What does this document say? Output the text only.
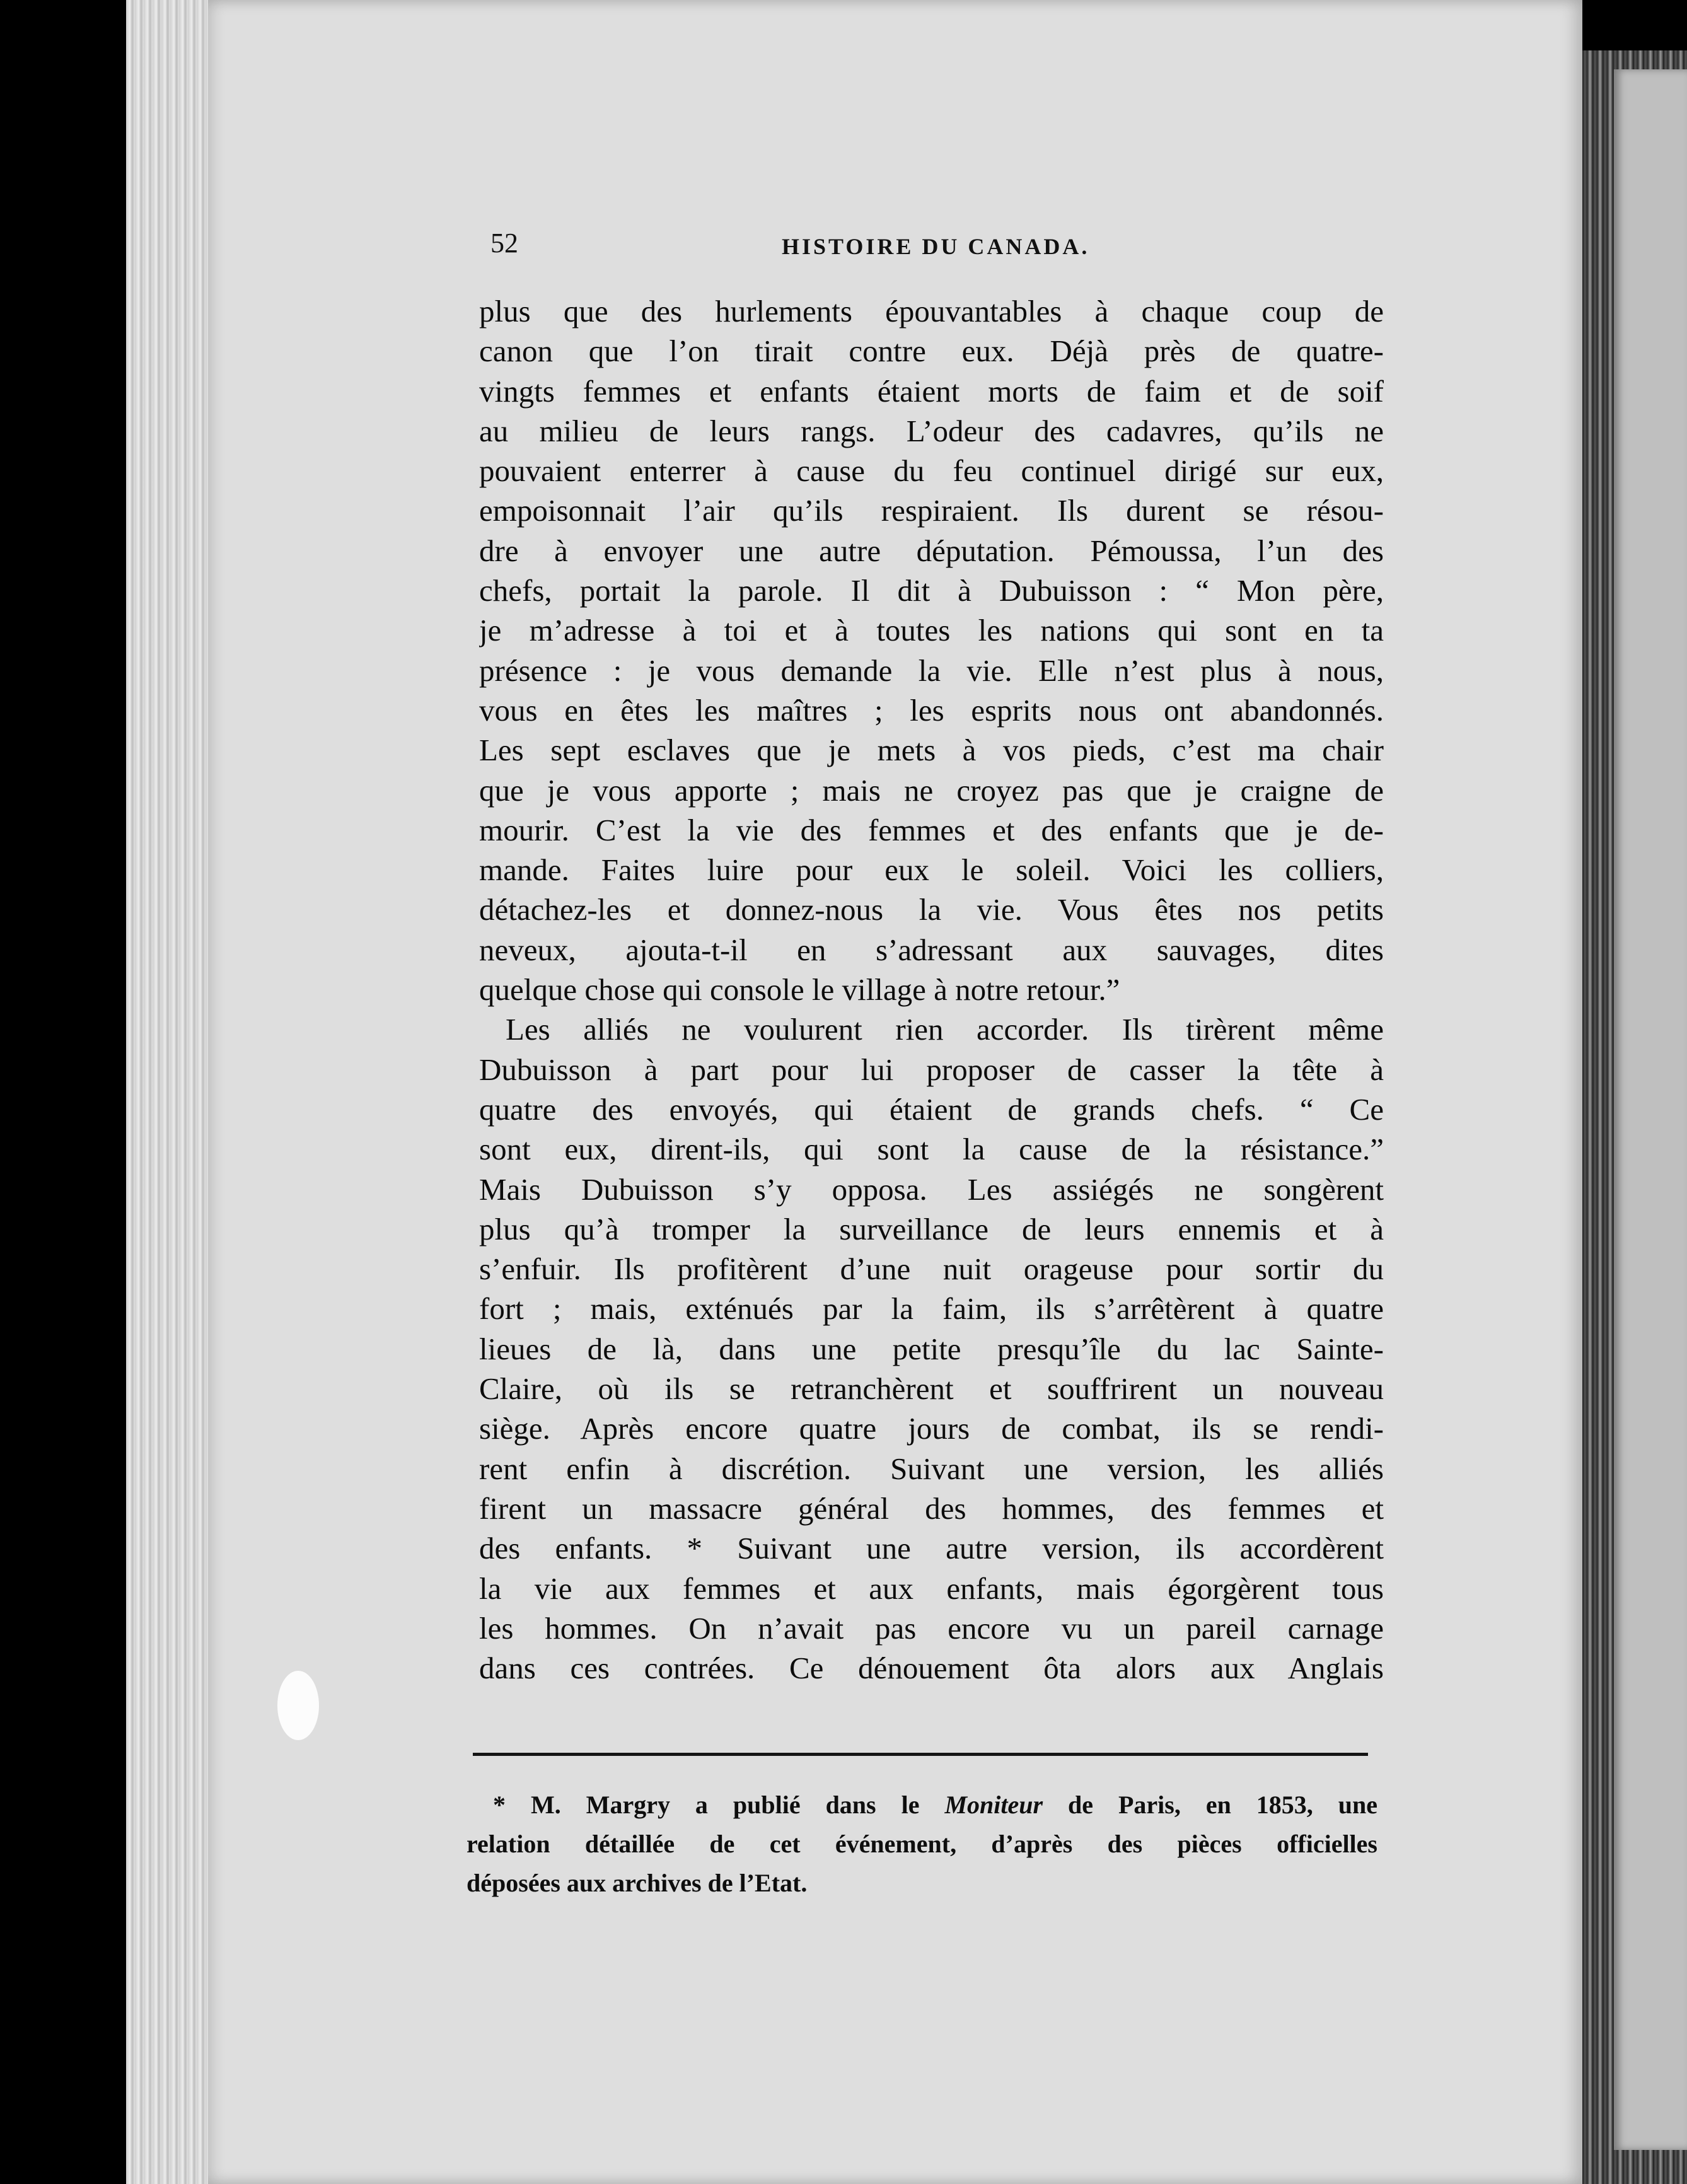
52	HISTOIRE DU CANADA.
plus que des hurlements épouvantables à chaque coup de
canon que l’on tirait contre eux. Déjà près de quatre-
vingts femmes et enfants étaient morts de faim et de soif
au milieu de leurs rangs. L’odeur des cadavres, qu’ils ne
pouvaient enterrer à cause du feu continuel dirigé sur eux,
empoisonnait l’air qu’ils respiraient. Ils durent se résou-
dre à envoyer une autre députation. Pémoussa, l’un des
chefs, portait la parole. Il dit à Dubuisson : “ Mon père,
je m’adresse à toi et à toutes les nations qui sont en ta
présence : je vous demande la vie. Elle n’est plus à nous,
vous en êtes les maîtres ; les esprits nous ont abandonnés.
Les sept esclaves que je mets à vos pieds, c’est ma chair
que je vous apporte ; mais ne croyez pas que je craigne de
mourir. C’est la vie des femmes et des enfants que je de-
mande. Faites luire pour eux le soleil. Voici les colliers,
détachez-les et donnez-nous la vie. Vous êtes nos petits
neveux, ajouta-t-il en s’adressant aux sauvages, dites
quelque chose qui console le village à notre retour.”
Les alliés ne voulurent rien accorder. Ils tirèrent même
Dubuisson à part pour lui proposer de casser la tête à
quatre des envoyés, qui étaient de grands chefs. “ Ce
sont eux, dirent-ils, qui sont la cause de la résistance.”
Mais Dubuisson s’y opposa. Les assiégés ne songèrent
plus qu’à tromper la surveillance de leurs ennemis et à
s’enfuir. Ils profitèrent d’une nuit orageuse pour sortir du
fort ; mais, exténués par la faim, ils s’arrêtèrent à quatre
lieues de là, dans une petite presqu’île du lac Sainte-
Claire, où ils se retranchèrent et souffrirent un nouveau
siège. Après encore quatre jours de combat, ils se rendi-
rent enfin à discrétion. Suivant une version, les alliés
firent un massacre général des hommes, des femmes et
des enfants. * Suivant une autre version, ils accordèrent
la vie aux femmes et aux enfants, mais égorgèrent tous
les hommes. On n’avait pas encore vu un pareil carnage
dans ces contrées. Ce dénouement ôta alors aux Anglais
* M. Margry a publié dans le Moniteur de Paris, en 1853, une
relation détaillée de cet événement, d’après des pièces officielles
déposées aux archives de l’Etat.
